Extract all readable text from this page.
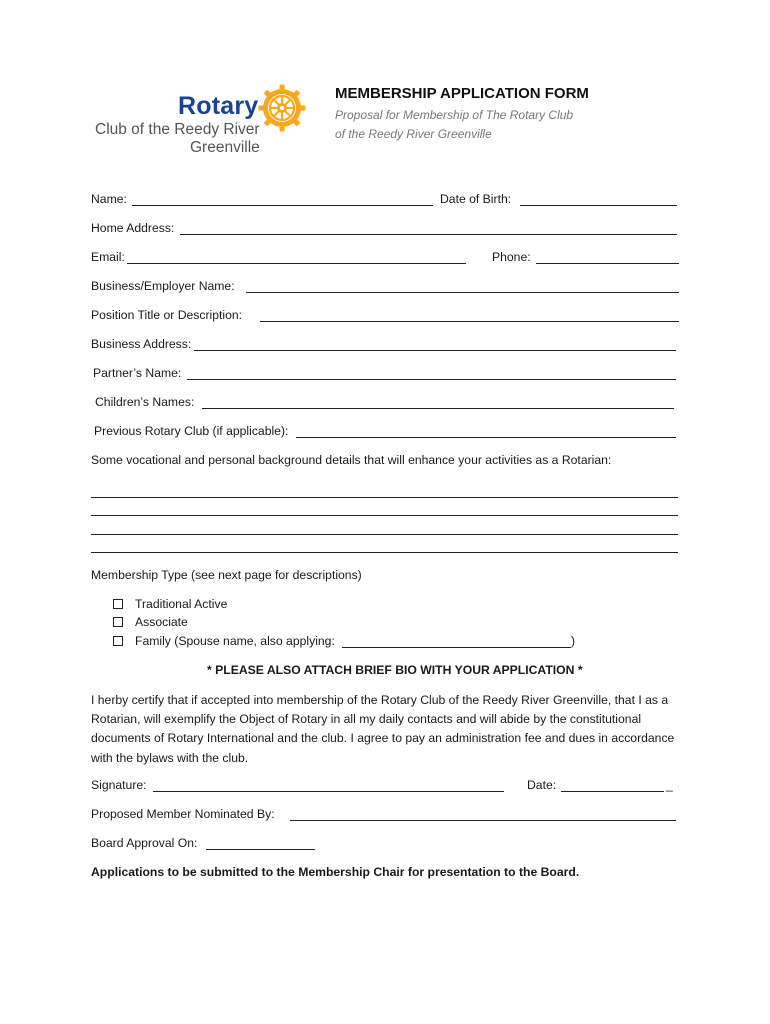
Rotary
Club of the Reedy River
Greenville
MEMBERSHIP APPLICATION FORM
Proposal for Membership of The Rotary Club
of the Reedy River Greenville
Name:	Date of Birth:
Home Address:
Email:	Phone:
Business/Employer Name:
Position Title or Description:
Business Address:
Partner’s Name:
Children’s Names:
Previous Rotary Club (if applicable):
Some vocational and personal background details that will enhance your activities as a Rotarian:
Membership Type (see next page for descriptions)
Traditional Active
Associate
Family (Spouse name, also applying:	)
* PLEASE ALSO ATTACH BRIEF BIO WITH YOUR APPLICATION *
I herby certify that if accepted into membership of the Rotary Club of the Reedy River Greenville, that I as a Rotarian, will exemplify the Object of Rotary in all my daily contacts and will abide by the constitutional documents of Rotary International and the club. I agree to pay an administration fee and dues in accordance with the bylaws with the club.
Signature:	Date:	_
Proposed Member Nominated By:
Board Approval On:
Applications to be submitted to the Membership Chair for presentation to the Board.
